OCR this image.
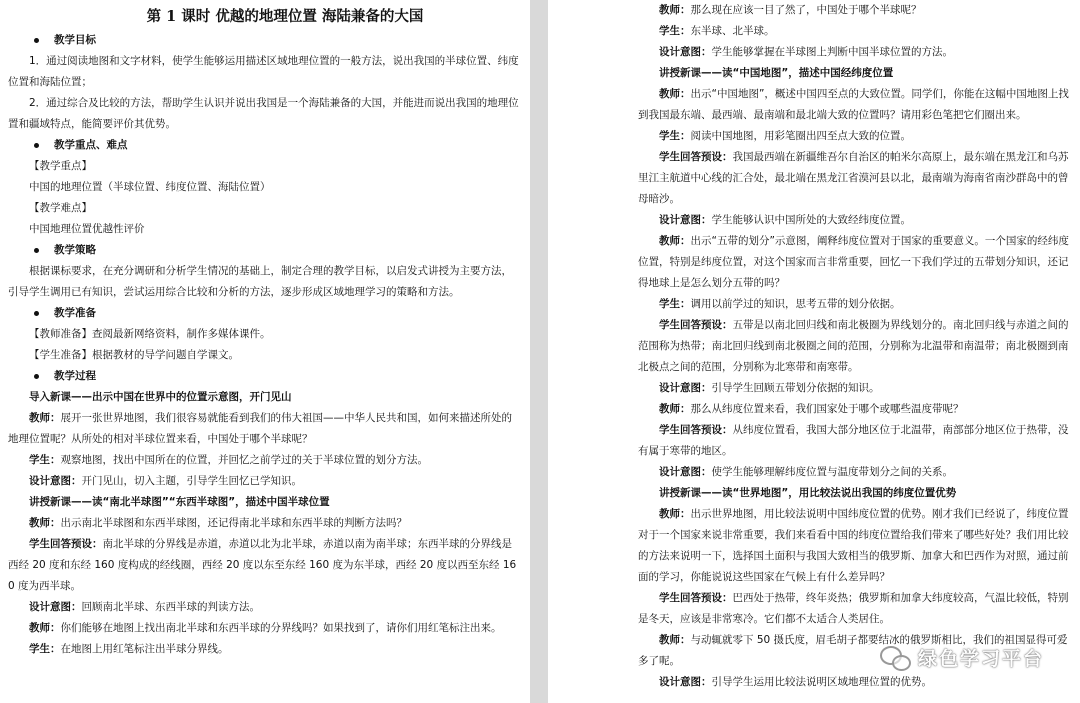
第 1 课时 优越的地理位置 海陆兼备的大国

教学目标

1．通过阅读地图和文字材料，使学生能够运用描述区域地理位置的一般方法，说出我国的半球位置、纬度位置和海陆位置；

2．通过综合及比较的方法，帮助学生认识并说出我国是一个海陆兼备的大国，并能进而说出我国的地理位置和疆域特点，能简要评价其优势。

教学重点、难点

【教学重点】

中国的地理位置（半球位置、纬度位置、海陆位置）

【教学难点】

中国地理位置优越性评价

教学策略

根据课标要求，在充分调研和分析学生情况的基础上，制定合理的教学目标，以启发式讲授为主要方法，引导学生调用已有知识，尝试运用综合比较和分析的方法，逐步形成区域地理学习的策略和方法。

教学准备

【教师准备】查阅最新网络资料，制作多媒体课件。

【学生准备】根据教材的导学问题自学课文。

教学过程

导入新课——出示中国在世界中的位置示意图，开门见山

教师：展开一张世界地图，我们很容易就能看到我们的伟大祖国——中华人民共和国，如何来描述所处的地理位置呢？从所处的相对半球位置来看，中国处于哪个半球呢？

学生：观察地图，找出中国所在的位置，并回忆之前学过的关于半球位置的划分方法。

设计意图：开门见山，切入主题，引导学生回忆已学知识。

讲授新课——读“南北半球图”“东西半球图”，描述中国半球位置

教师：出示南北半球图和东西半球图，还记得南北半球和东西半球的判断方法吗？

学生回答预设：南北半球的分界线是赤道，赤道以北为北半球，赤道以南为南半球；东西半球的分界线是西经 20 度和东经 160 度构成的经线圈，西经 20 度以东至东经 160 度为东半球，西经 20 度以西至东经 160 度为西半球。

设计意图：回顾南北半球、东西半球的判读方法。

教师：你们能够在地图上找出南北半球和东西半球的分界线吗？如果找到了，请你们用红笔标注出来。

学生：在地图上用红笔标注出半球分界线。

教师：那么现在应该一目了然了，中国处于哪个半球呢？

学生：东半球、北半球。

设计意图：学生能够掌握在半球图上判断中国半球位置的方法。

讲授新课——读“中国地图”，描述中国经纬度位置

教师：出示“中国地图”，概述中国四至点的大致位置。同学们，你能在这幅中国地图上找到我国最东端、最西端、最南端和最北端大致的位置吗？请用彩色笔把它们圈出来。

学生：阅读中国地图，用彩笔圈出四至点大致的位置。

学生回答预设：我国最西端在新疆维吾尔自治区的帕米尔高原上，最东端在黑龙江和乌苏里江主航道中心线的汇合处，最北端在黑龙江省漠河县以北，最南端为海南省南沙群岛中的曾母暗沙。

设计意图：学生能够认识中国所处的大致经纬度位置。

教师：出示“五带的划分”示意图，阐释纬度位置对于国家的重要意义。一个国家的经纬度位置，特别是纬度位置，对这个国家而言非常重要，回忆一下我们学过的五带划分知识，还记得地球上是怎么划分五带的吗？

学生：调用以前学过的知识，思考五带的划分依据。

学生回答预设：五带是以南北回归线和南北极圈为界线划分的。南北回归线与赤道之间的范围称为热带；南北回归线到南北极圈之间的范围，分别称为北温带和南温带；南北极圈到南北极点之间的范围，分别称为北寒带和南寒带。

设计意图：引导学生回顾五带划分依据的知识。

教师：那么从纬度位置来看，我们国家处于哪个或哪些温度带呢？

学生回答预设：从纬度位置看，我国大部分地区位于北温带，南部部分地区位于热带，没有属于寒带的地区。

设计意图：使学生能够理解纬度位置与温度带划分之间的关系。

讲授新课——读“世界地图”，用比较法说出我国的纬度位置优势

教师：出示世界地图，用比较法说明中国纬度位置的优势。刚才我们已经说了，纬度位置对于一个国家来说非常重要，我们来看看中国的纬度位置给我们带来了哪些好处？我们用比较的方法来说明一下，选择国土面积与我国大致相当的俄罗斯、加拿大和巴西作为对照，通过前面的学习，你能说说这些国家在气候上有什么差异吗？

学生回答预设：巴西处于热带，终年炎热；俄罗斯和加拿大纬度较高，气温比较低，特别是冬天，应该是非常寒冷。它们都不太适合人类居住。

教师：与动辄就零下 50 摄氏度，眉毛胡子都要结冰的俄罗斯相比，我们的祖国显得可爱多了呢。

设计意图：引导学生运用比较法说明区域地理位置的优势。

绿色学习平台
